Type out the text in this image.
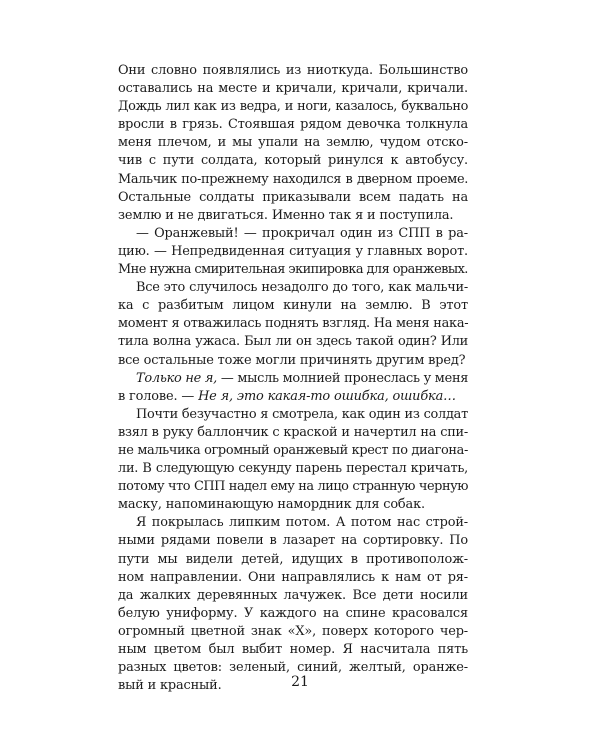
Они словно появлялись из ниоткуда. Большинство
оставались на месте и кричали, кричали, кричали.
Дождь лил как из ведра, и ноги, казалось, буквально
вросли в грязь. Стоявшая рядом девочка толкнула
меня плечом, и мы упали на землю, чудом отско-
чив с пути солдата, который ринулся к автобусу.
Мальчик по-прежнему находился в дверном проеме.
Остальные солдаты приказывали всем падать на
землю и не двигаться. Именно так я и поступила.
— Оранжевый! — прокричал один из СПП в ра-
цию. — Непредвиденная ситуация у главных ворот.
Мне нужна смирительная экипировка для оранжевых.
Все это случилось незадолго до того, как мальчи-
ка с разбитым лицом кинули на землю. В этот
момент я отважилась поднять взгляд. На меня нака-
тила волна ужаса. Был ли он здесь такой один? Или
все остальные тоже могли причинять другим вред?
Только не я, — мысль молнией пронеслась у меня
в голове. — Не я, это какая-то ошибка, ошибка…
Почти безучастно я смотрела, как один из солдат
взял в руку баллончик с краской и начертил на спи-
не мальчика огромный оранжевый крест по диагона-
ли. В следующую секунду парень перестал кричать,
потому что СПП надел ему на лицо странную черную
маску, напоминающую намордник для собак.
Я покрылась липким потом. А потом нас строй-
ными рядами повели в лазарет на сортировку. По
пути мы видели детей, идущих в противополож-
ном направлении. Они направлялись к нам от ря-
да жалких деревянных лачужек. Все дети носили
белую униформу. У каждого на спине красовался
огромный цветной знак «Х», поверх которого чер-
ным цветом был выбит номер. Я насчитала пять
разных цветов: зеленый, синий, желтый, оранже-
вый и красный.	21
